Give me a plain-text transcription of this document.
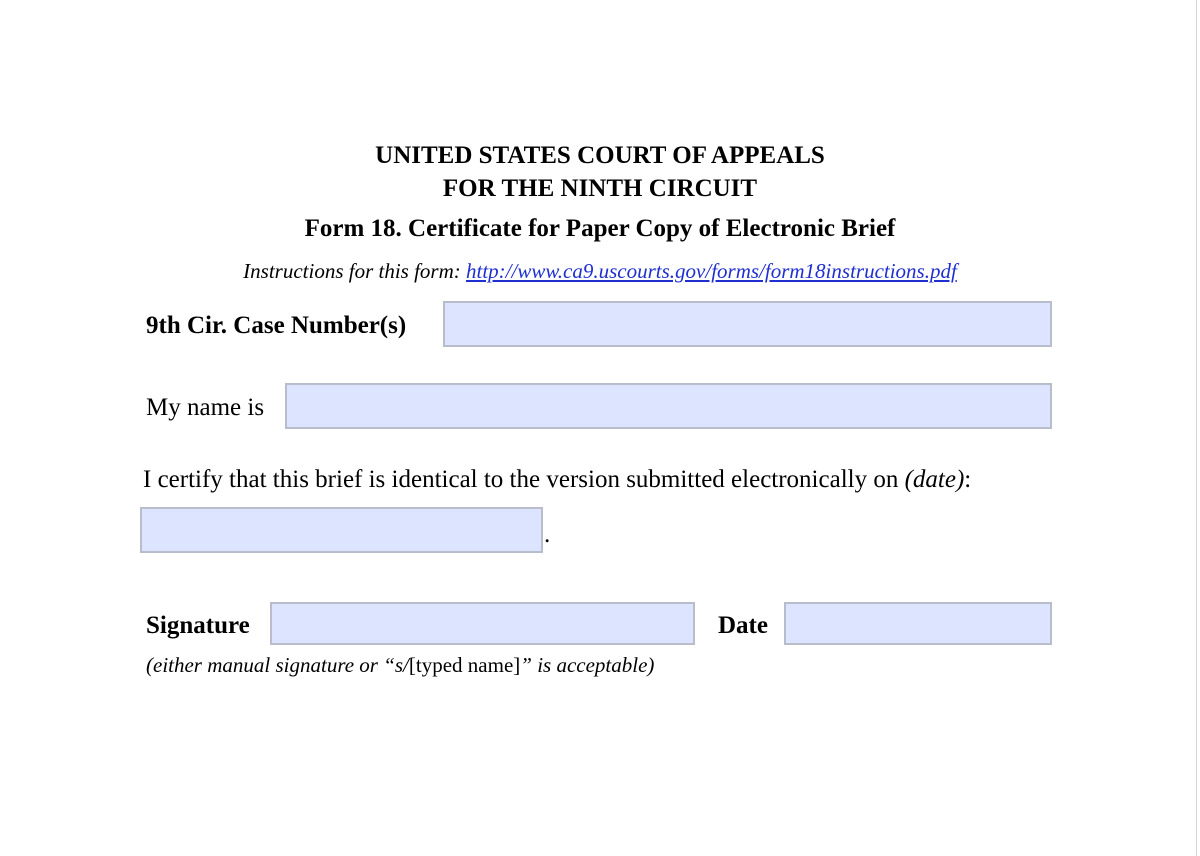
UNITED STATES COURT OF APPEALS
FOR THE NINTH CIRCUIT
Form 18. Certificate for Paper Copy of Electronic Brief
Instructions for this form: http://www.ca9.uscourts.gov/forms/form18instructions.pdf
9th Cir. Case Number(s)
My name is
I certify that this brief is identical to the version submitted electronically on (date):
.
Signature	Date
(either manual signature or “s/[typed name]” is acceptable)
